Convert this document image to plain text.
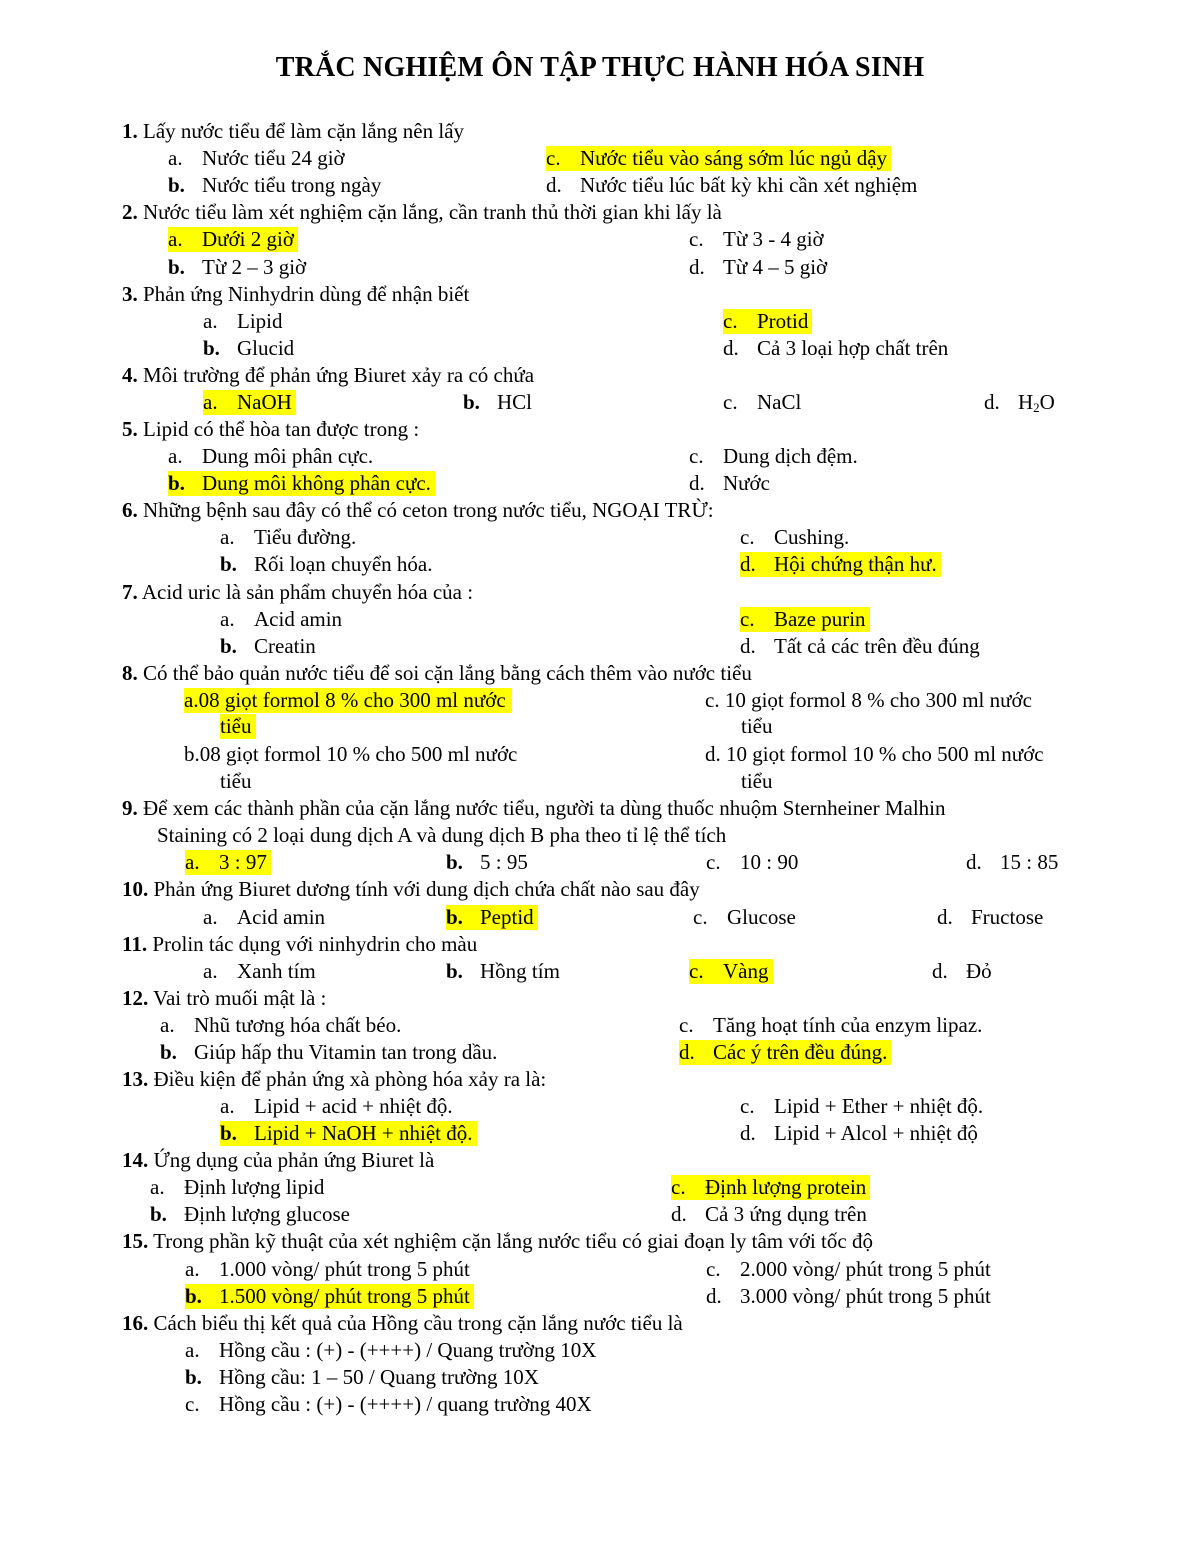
TRẮC NGHIỆM ÔN TẬP THỰC HÀNH HÓA SINH
1. Lấy nước tiểu để làm cặn lắng nên lấy
a. Nước tiểu 24 giờ	c. Nước tiểu vào sáng sớm lúc ngủ dậy
b. Nước tiểu trong ngày	d. Nước tiểu lúc bất kỳ khi cần xét nghiệm
2. Nước tiểu làm xét nghiệm cặn lắng, cần tranh thủ thời gian khi lấy là
a. Dưới 2 giờ	c. Từ 3 - 4 giờ
b. Từ 2 – 3 giờ	d. Từ 4 – 5 giờ
3. Phản ứng Ninhydrin dùng để nhận biết
a. Lipid	c. Protid
b. Glucid	d. Cả 3 loại hợp chất trên
4. Môi trường để phản ứng Biuret xảy ra có chứa
a. NaOH	b. HCl	c. NaCl	d. $H_2O$
5. Lipid có thể hòa tan được trong :
a. Dung môi phân cực.	c. Dung dịch đệm.
b. Dung môi không phân cực.	d. Nước
6. Những bệnh sau đây có thể có ceton trong nước tiểu, NGOẠI TRỪ:
a. Tiểu đường.	c. Cushing.
b. Rối loạn chuyển hóa.	d. Hội chứng thận hư.
7. Acid uric là sản phẩm chuyển hóa của :
a. Acid amin	c. Baze purin
b. Creatin	d. Tất cả các trên đều đúng
8. Có thể bảo quản nước tiểu để soi cặn lắng bằng cách thêm vào nước tiểu
a.08 giọt formol 8 % cho 300 ml nước
tiểu
c. 10 giọt formol 8 % cho 300 ml nước
tiểu
b.08 giọt formol 10 % cho 500 ml nước
tiểu
d. 10 giọt formol 10 % cho 500 ml nước
tiểu
9. Để xem các thành phần của cặn lắng nước tiểu, người ta dùng thuốc nhuộm Sternheiner Malhin
Staining có 2 loại dung dịch A và dung dịch B pha theo tỉ lệ thể tích
a. 3 : 97	b. 5 : 95	c. 10 : 90	d. 15 : 85
10. Phản ứng Biuret dương tính với dung dịch chứa chất nào sau đây
a. Acid amin	b. Peptid	c. Glucose	d. Fructose
11. Prolin tác dụng với ninhydrin cho màu
a. Xanh tím	b. Hồng tím	c. Vàng	d. Đỏ
12. Vai trò muối mật là :
a. Nhũ tương hóa chất béo.	c. Tăng hoạt tính của enzym lipaz.
b. Giúp hấp thu Vitamin tan trong dầu.	d. Các ý trên đều đúng.
13. Điều kiện để phản ứng xà phòng hóa xảy ra là:
a. Lipid + acid + nhiệt độ.	c. Lipid + Ether + nhiệt độ.
b. Lipid + NaOH + nhiệt độ.	d. Lipid + Alcol + nhiệt độ
14. Ứng dụng của phản ứng Biuret là
a. Định lượng lipid	c. Định lượng protein
b. Định lượng glucose	d. Cả 3 ứng dụng trên
15. Trong phần kỹ thuật của xét nghiệm cặn lắng nước tiểu có giai đoạn ly tâm với tốc độ
a. 1.000 vòng/ phút trong 5 phút	c. 2.000 vòng/ phút trong 5 phút
b. 1.500 vòng/ phút trong 5 phút	d. 3.000 vòng/ phút trong 5 phút
16. Cách biểu thị kết quả của Hồng cầu trong cặn lắng nước tiểu là
a. Hồng cầu : (+) - (++++) / Quang trường 10X
b. Hồng cầu: 1 – 50 / Quang trường 10X
c. Hồng cầu : (+) - (++++) / quang trường 40X
